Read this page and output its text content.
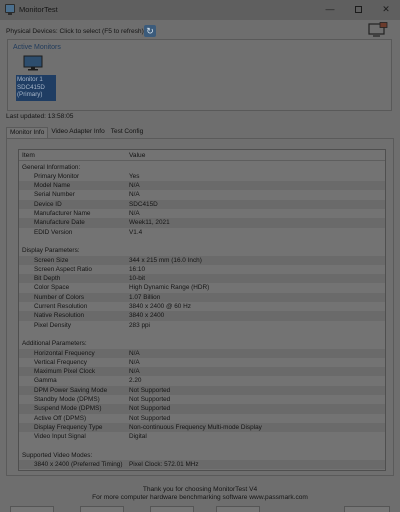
MonitorTest	—	✕
Physical Devices: Click to select (F5 to refresh) ↻
Active Monitors
Monitor 1
SDC415D
(Primary)
Last updated: 13:58:05
Monitor Info	Video Adapter Info Test Config
Item	Value
General Information:
Primary Monitor	Yes
Model Name	N/A
Serial Number	N/A
Device ID	SDC415D
Manufacturer Name	N/A
Manufacture Date	Week11, 2021
EDID Version	V1.4
Display Parameters:
Screen Size	344 x 215 mm (16.0 Inch)
Screen Aspect Ratio	16:10
Bit Depth	10-bit
Color Space	High Dynamic Range (HDR)
Number of Colors	1.07 Billion
Current Resolution	3840 x 2400 @ 60 Hz
Native Resolution	3840 x 2400
Pixel Density	283 ppi
Additional Parameters:
Horizontal Frequency	N/A
Vertical Frequency	N/A
Maximum Pixel Clock	N/A
Gamma	2.20
DPM Power Saving Mode	Not Supported
Standby Mode (DPMS)	Not Supported
Suspend Mode (DPMS)	Not Supported
Active Off (DPMS)	Not Supported
Display Frequency Type	Non-continuous Frequency Multi-mode Display
Video Input Signal	Digital
Supported Video Modes:
3840 x 2400 (Preferred Timing) Pixel Clock: 572.01 MHz
Thank you for choosing MonitorTest V4
For more computer hardware benchmarking software www.passmark.com
